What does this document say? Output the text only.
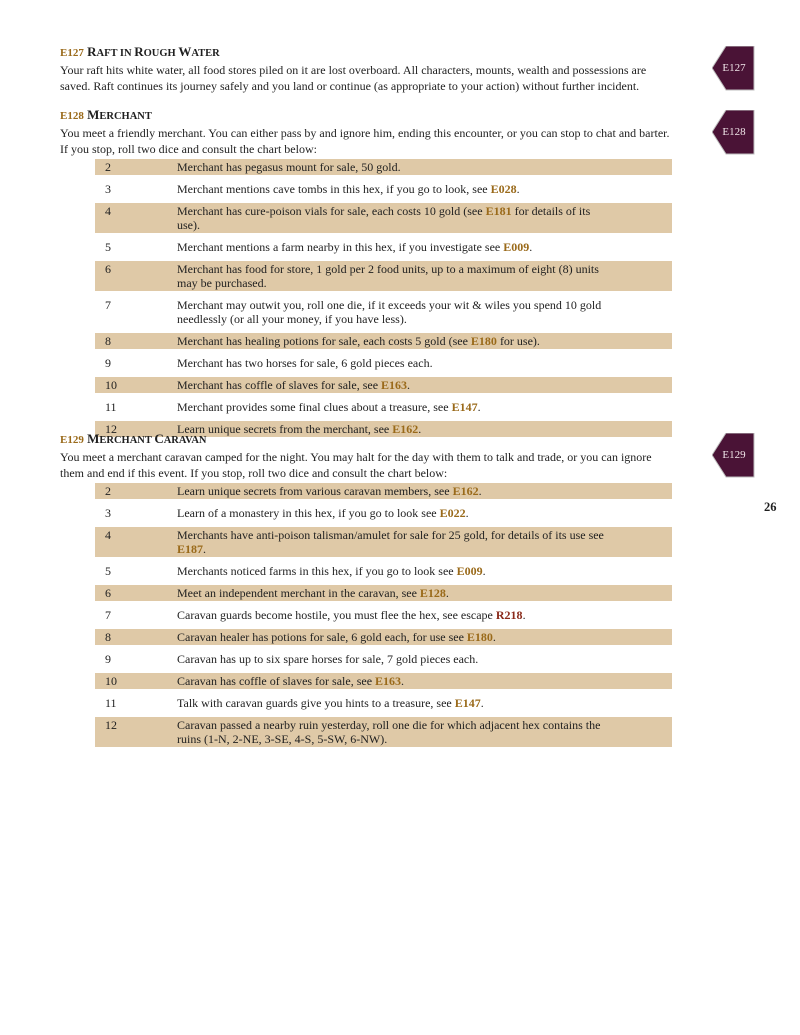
E127 RAFT IN ROUGH WATER

Your raft hits white water, all food stores piled on it are lost overboard. All characters, mounts, wealth and possessions are saved. Raft continues its journey safely and you land or continue (as appropriate to your action) without further incident.

E128 MERCHANT

You meet a friendly merchant. You can either pass by and ignore him, ending this encounter, or you can stop to chat and barter. If you stop, roll two dice and consult the chart below:

2	Merchant has pegasus mount for sale, 50 gold.
3	Merchant mentions cave tombs in this hex, if you go to look, see E028.
4	Merchant has cure-poison vials for sale, each costs 10 gold (see E181 for details of its use).
5	Merchant mentions a farm nearby in this hex, if you investigate see E009.
6	Merchant has food for store, 1 gold per 2 food units, up to a maximum of eight (8) units may be purchased.
7	Merchant may outwit you, roll one die, if it exceeds your wit & wiles you spend 10 gold needlessly (or all your money, if you have less).
8	Merchant has healing potions for sale, each costs 5 gold (see E180 for use).
9	Merchant has two horses for sale, 6 gold pieces each.
10	Merchant has coffle of slaves for sale, see E163.
11	Merchant provides some final clues about a treasure, see E147.
12	Learn unique secrets from the merchant, see E162.

E129 MERCHANT CARAVAN

You meet a merchant caravan camped for the night. You may halt for the day with them to talk and trade, or you can ignore them and end if this event. If you stop, roll two dice and consult the chart below:

2	Learn unique secrets from various caravan members, see E162.
3	Learn of a monastery in this hex, if you go to look see E022.
4	Merchants have anti-poison talisman/amulet for sale for 25 gold, for details of its use see E187.
5	Merchants noticed farms in this hex, if you go to look see E009.
6	Meet an independent merchant in the caravan, see E128.
7	Caravan guards become hostile, you must flee the hex, see escape R218.
8	Caravan healer has potions for sale, 6 gold each, for use see E180.
9	Caravan has up to six spare horses for sale, 7 gold pieces each.
10	Caravan has coffle of slaves for sale, see E163.
11	Talk with caravan guards give you hints to a treasure, see E147.
12	Caravan passed a nearby ruin yesterday, roll one die for which adjacent hex contains the ruins (1-N, 2-NE, 3-SE, 4-S, 5-SW, 6-NW).
E127
E128
E129
26
